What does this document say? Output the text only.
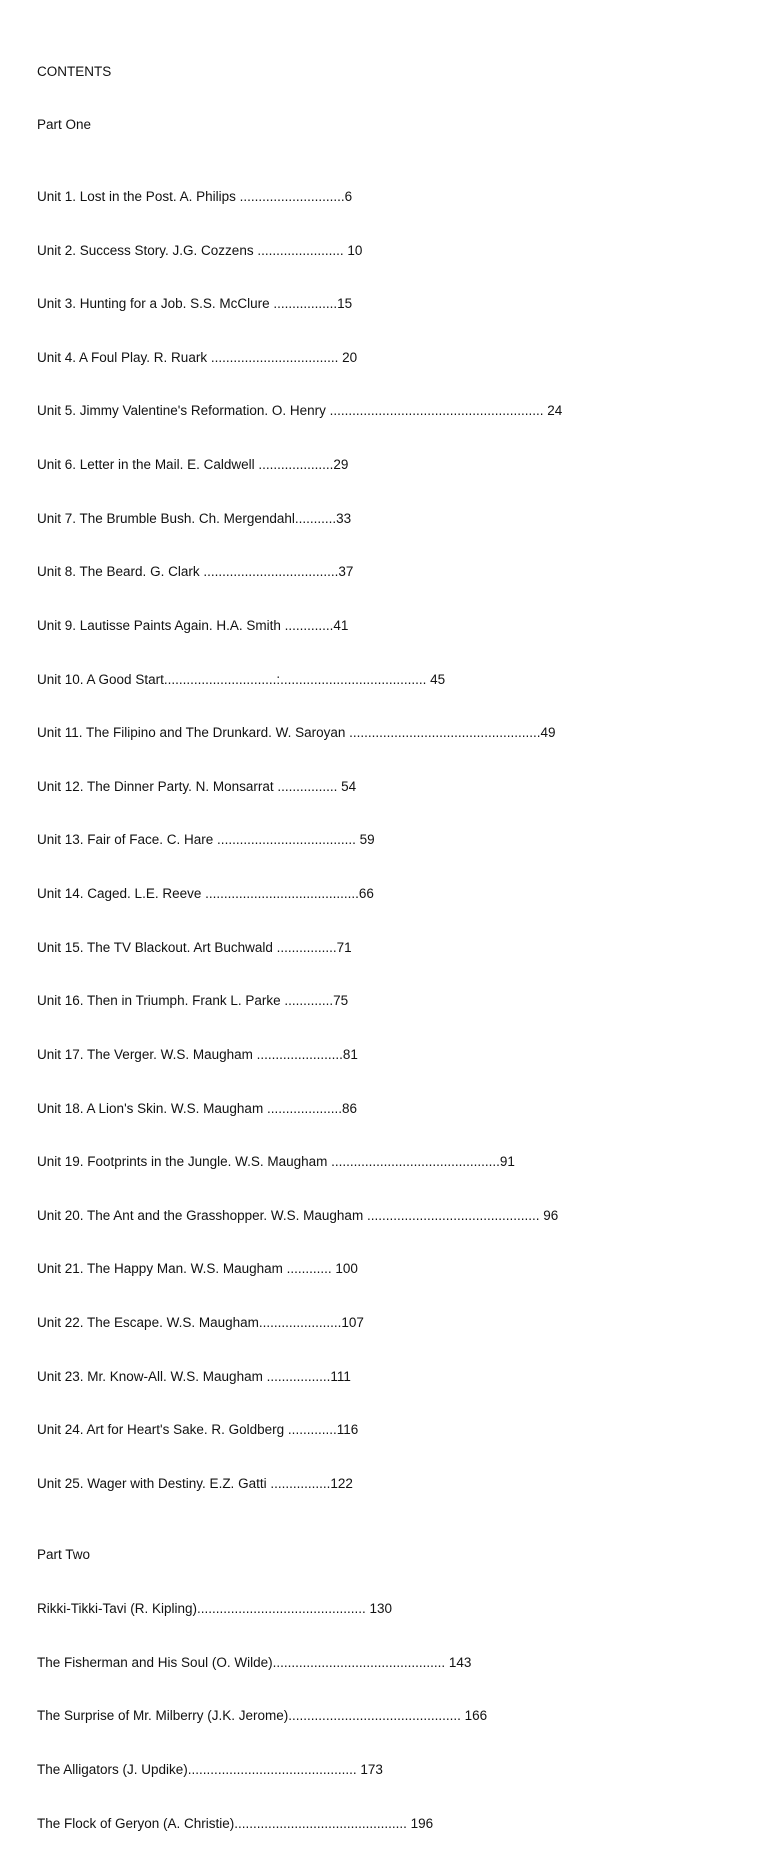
CONTENTS

Part One

Unit 1. Lost in the Post. A. Philips ............................6

Unit 2. Success Story. J.G. Cozzens ....................... 10

Unit 3. Hunting for a Job. S.S. McClure .................15

Unit 4. A Foul Play. R. Ruark .................................. 20

Unit 5. Jimmy Valentine's Reformation. O. Henry ......................................................... 24

Unit 6. Letter in the Mail. E. Caldwell ....................29

Unit 7. The Brumble Bush. Ch. Mergendahl...........33

Unit 8. The Beard. G. Clark ....................................37

Unit 9. Lautisse Paints Again. H.A. Smith .............41

Unit 10. A Good Start..............................:....................................... 45

Unit 11. The Filipino and The Drunkard. W. Saroyan ...................................................49

Unit 12. The Dinner Party. N. Monsarrat ................ 54

Unit 13. Fair of Face. C. Hare ..................................... 59

Unit 14. Caged. L.E. Reeve .........................................66

Unit 15. The TV Blackout. Art Buchwald ................71

Unit 16. Then in Triumph. Frank L. Parke .............75

Unit 17. The Verger. W.S. Maugham .......................81

Unit 18. A Lion's Skin. W.S. Maugham ....................86

Unit 19. Footprints in the Jungle. W.S. Maugham .............................................91

Unit 20. The Ant and the Grasshopper. W.S. Maugham .............................................. 96

Unit 21. The Happy Man. W.S. Maugham ............ 100

Unit 22. The Escape. W.S. Maugham......................107

Unit 23. Mr. Know-All. W.S. Maugham .................111

Unit 24. Art for Heart's Sake. R. Goldberg .............116

Unit 25. Wager with Destiny. E.Z. Gatti ................122

Part Two

Rikki-Tikki-Tavi (R. Kipling)............................................. 130

The Fisherman and His Soul (O. Wilde).............................................. 143

The Surprise of Mr. Milberry (J.K. Jerome).............................................. 166

The Alligators (J. Updike)............................................. 173

The Flock of Geryon (A. Christie).............................................. 196
